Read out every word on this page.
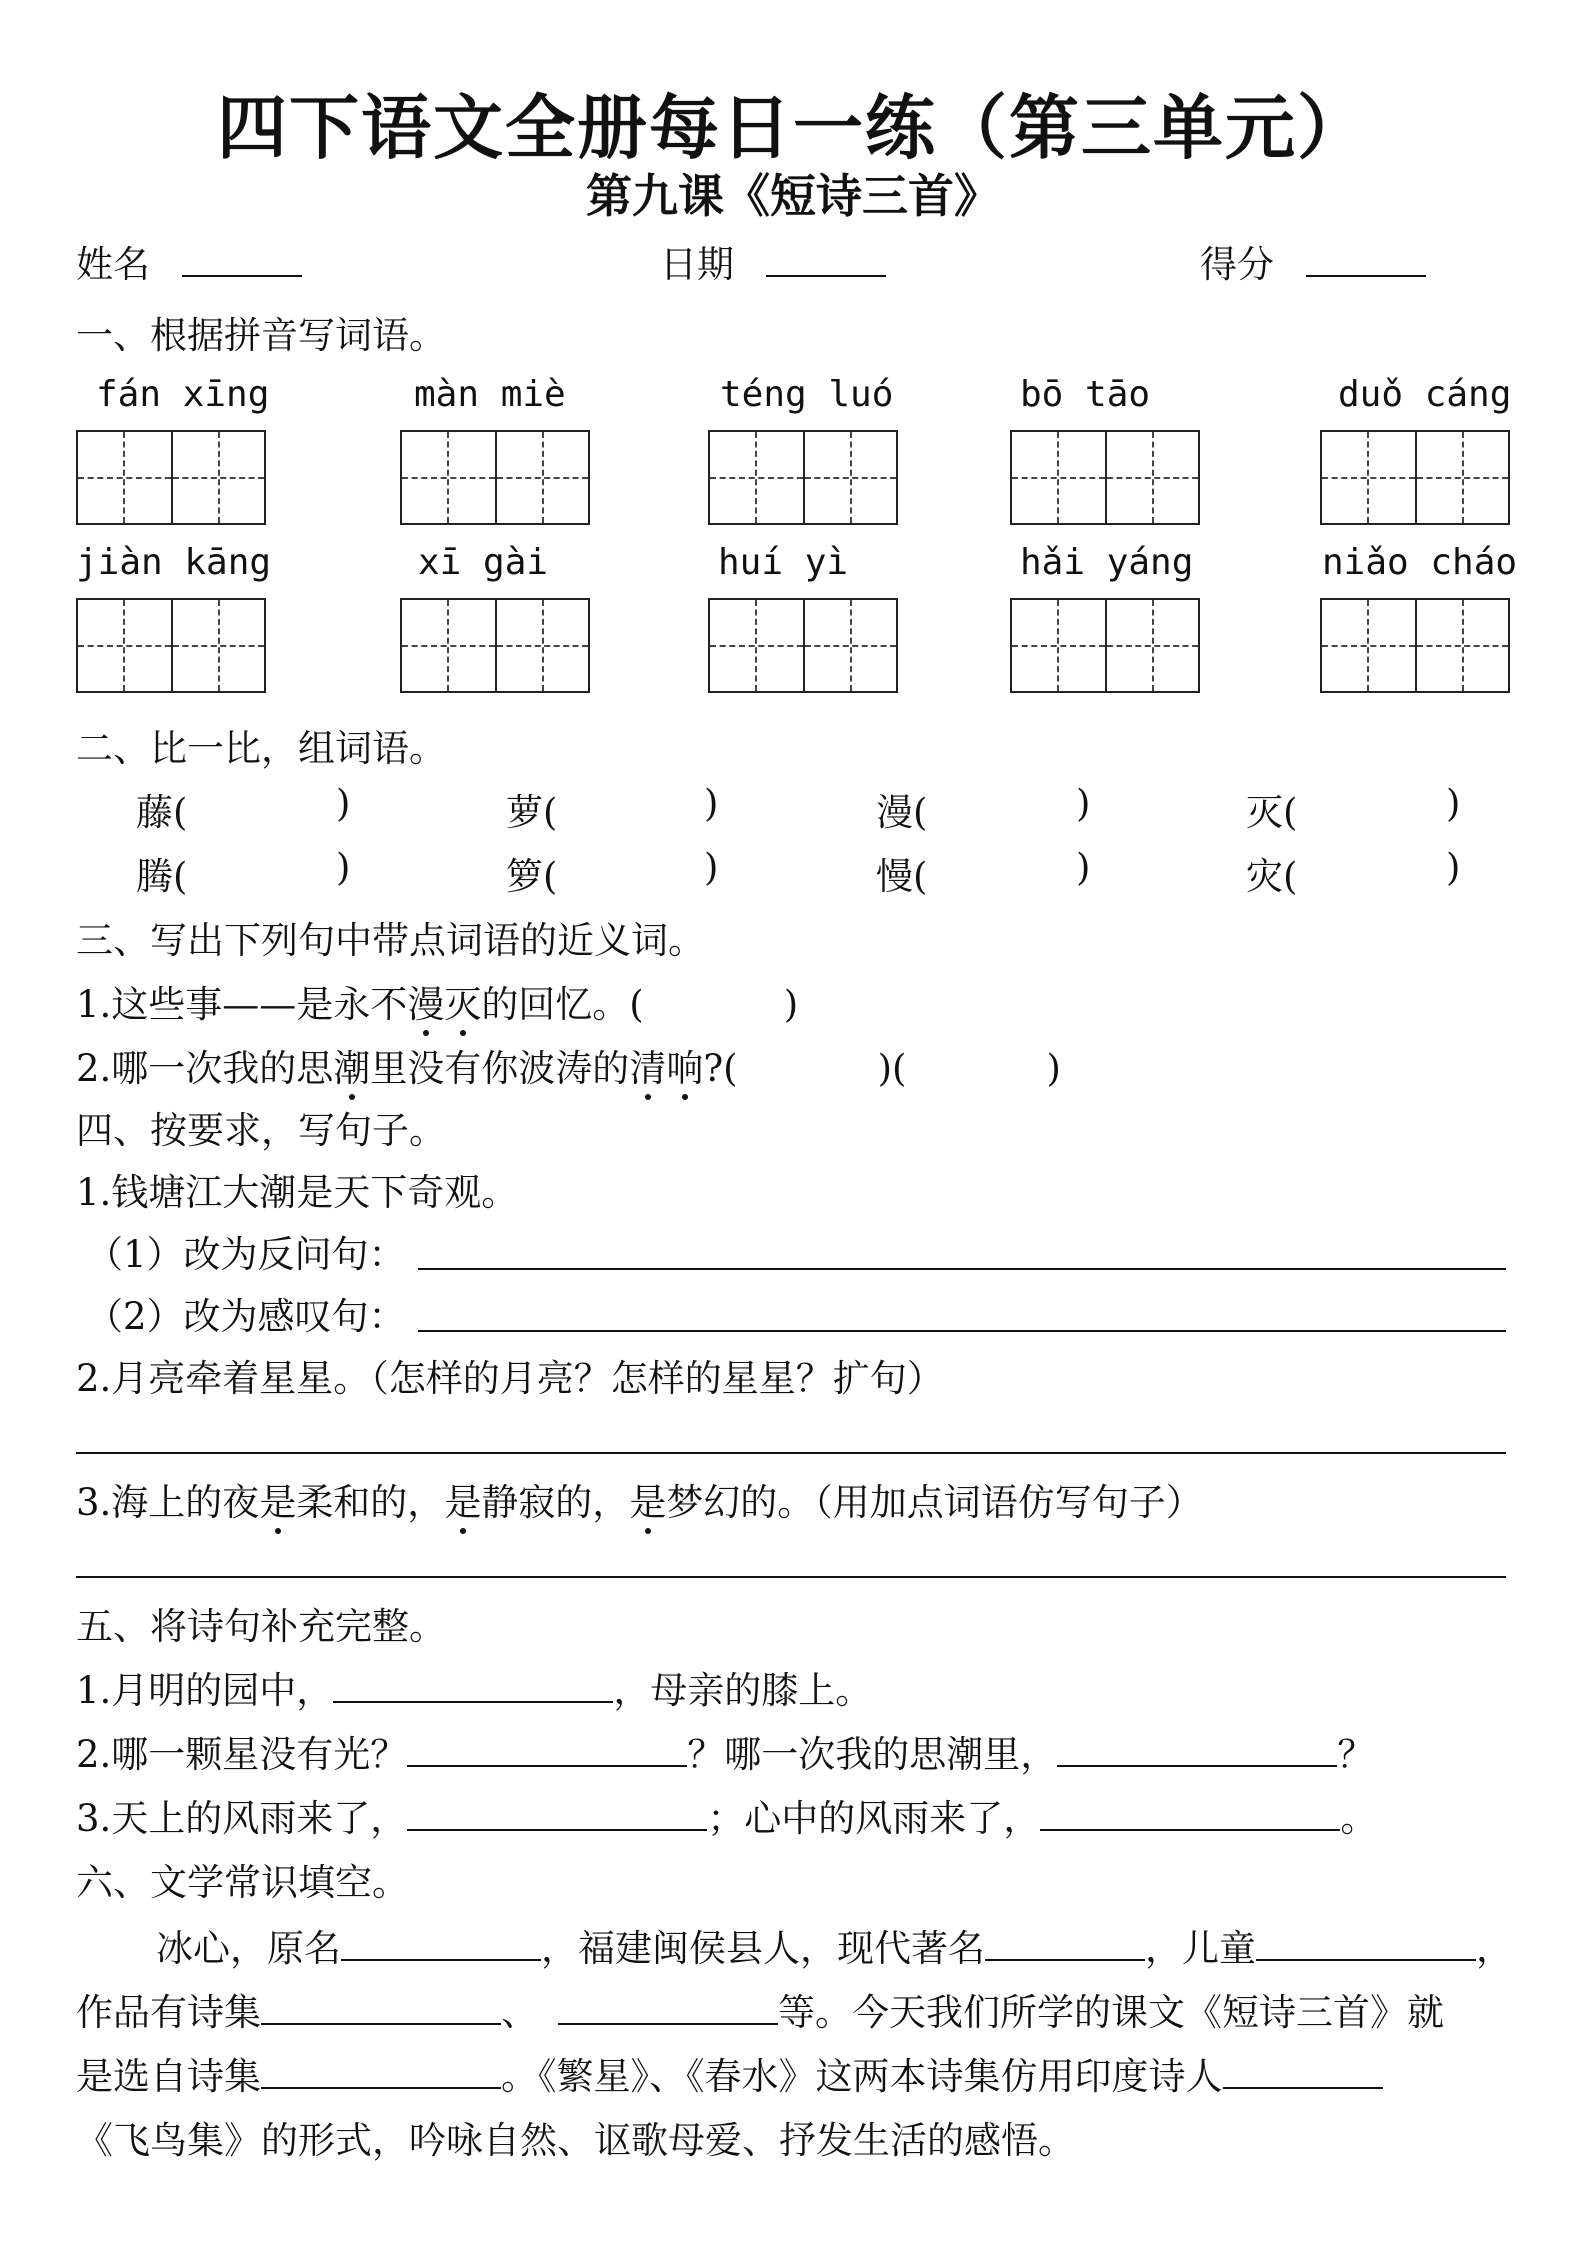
四下语文全册每日一练（第三单元）
第九课《短诗三首》
姓名	日期	得分
一、根据拼音写词语。
fán xīng	màn miè	téng luó	bō tāo	duǒ cáng
jiàn kāng	xī gài	huí yì	hǎi yáng	niǎo cháo
二、比一比，组词语。
藤(	)	萝(	)	漫(	)	灭(	)
腾(	)	箩(	)	慢(	)	灾(	)
三、写出下列句中带点词语的近义词。
1.这些事——是永不漫灭的回忆。(	)
2.哪一次我的思潮里没有你波涛的清响?(	)(	)
四、按要求，写句子。
1.钱塘江大潮是天下奇观。
（1）改为反问句：
（2）改为感叹句：
2.月亮牵着星星。（怎样的月亮？怎样的星星？扩句）
3.海上的夜是柔和的，是静寂的，是梦幻的。（用加点词语仿写句子）
五、将诗句补充完整。
1.月明的园中，	，母亲的膝上。
2.哪一颗星没有光？	？哪一次我的思潮里，	？
3.天上的风雨来了，	；心中的风雨来了，	。
六、文学常识填空。
冰心，原名	，福建闽侯县人，现代著名	，儿童	，
作品有诗集	、	等。今天我们所学的课文《短诗三首》就
是选自诗集	。《繁星》、《春水》这两本诗集仿用印度诗人
《飞鸟集》的形式，吟咏自然、讴歌母爱、抒发生活的感悟。
